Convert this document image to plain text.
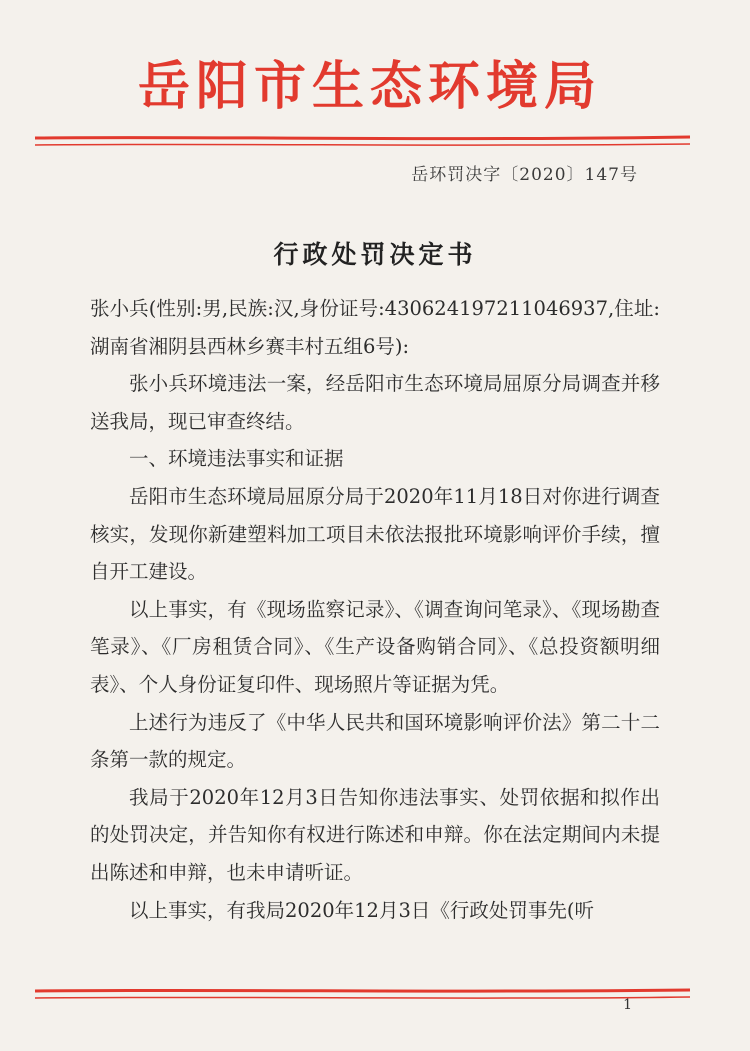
岳阳市生态环境局
岳环罚决字〔2020〕147号
行政处罚决定书

张小兵(性别:男,民族:汉,身份证号:430624197211046937,住址: 湖南省湘阴县西林乡赛丰村五组6号):

张小兵环境违法一案，经岳阳市生态环境局屈原分局调查并移送我局，现已审查终结。

一、环境违法事实和证据

岳阳市生态环境局屈原分局于2020年11月18日对你进行调查核实，发现你新建塑料加工项目未依法报批环境影响评价手续，擅自开工建设。

以上事实，有《现场监察记录》、《调查询问笔录》、《现场勘查笔录》、《厂房租赁合同》、《生产设备购销合同》、《总投资额明细表》、个人身份证复印件、现场照片等证据为凭。

上述行为违反了《中华人民共和国环境影响评价法》第二十二条第一款的规定。

我局于2020年12月3日告知你违法事实、处罚依据和拟作出的处罚决定，并告知你有权进行陈述和申辩。你在法定期间内未提出陈述和申辩，也未申请听证。

以上事实，有我局2020年12月3日《行政处罚事先(听

1
